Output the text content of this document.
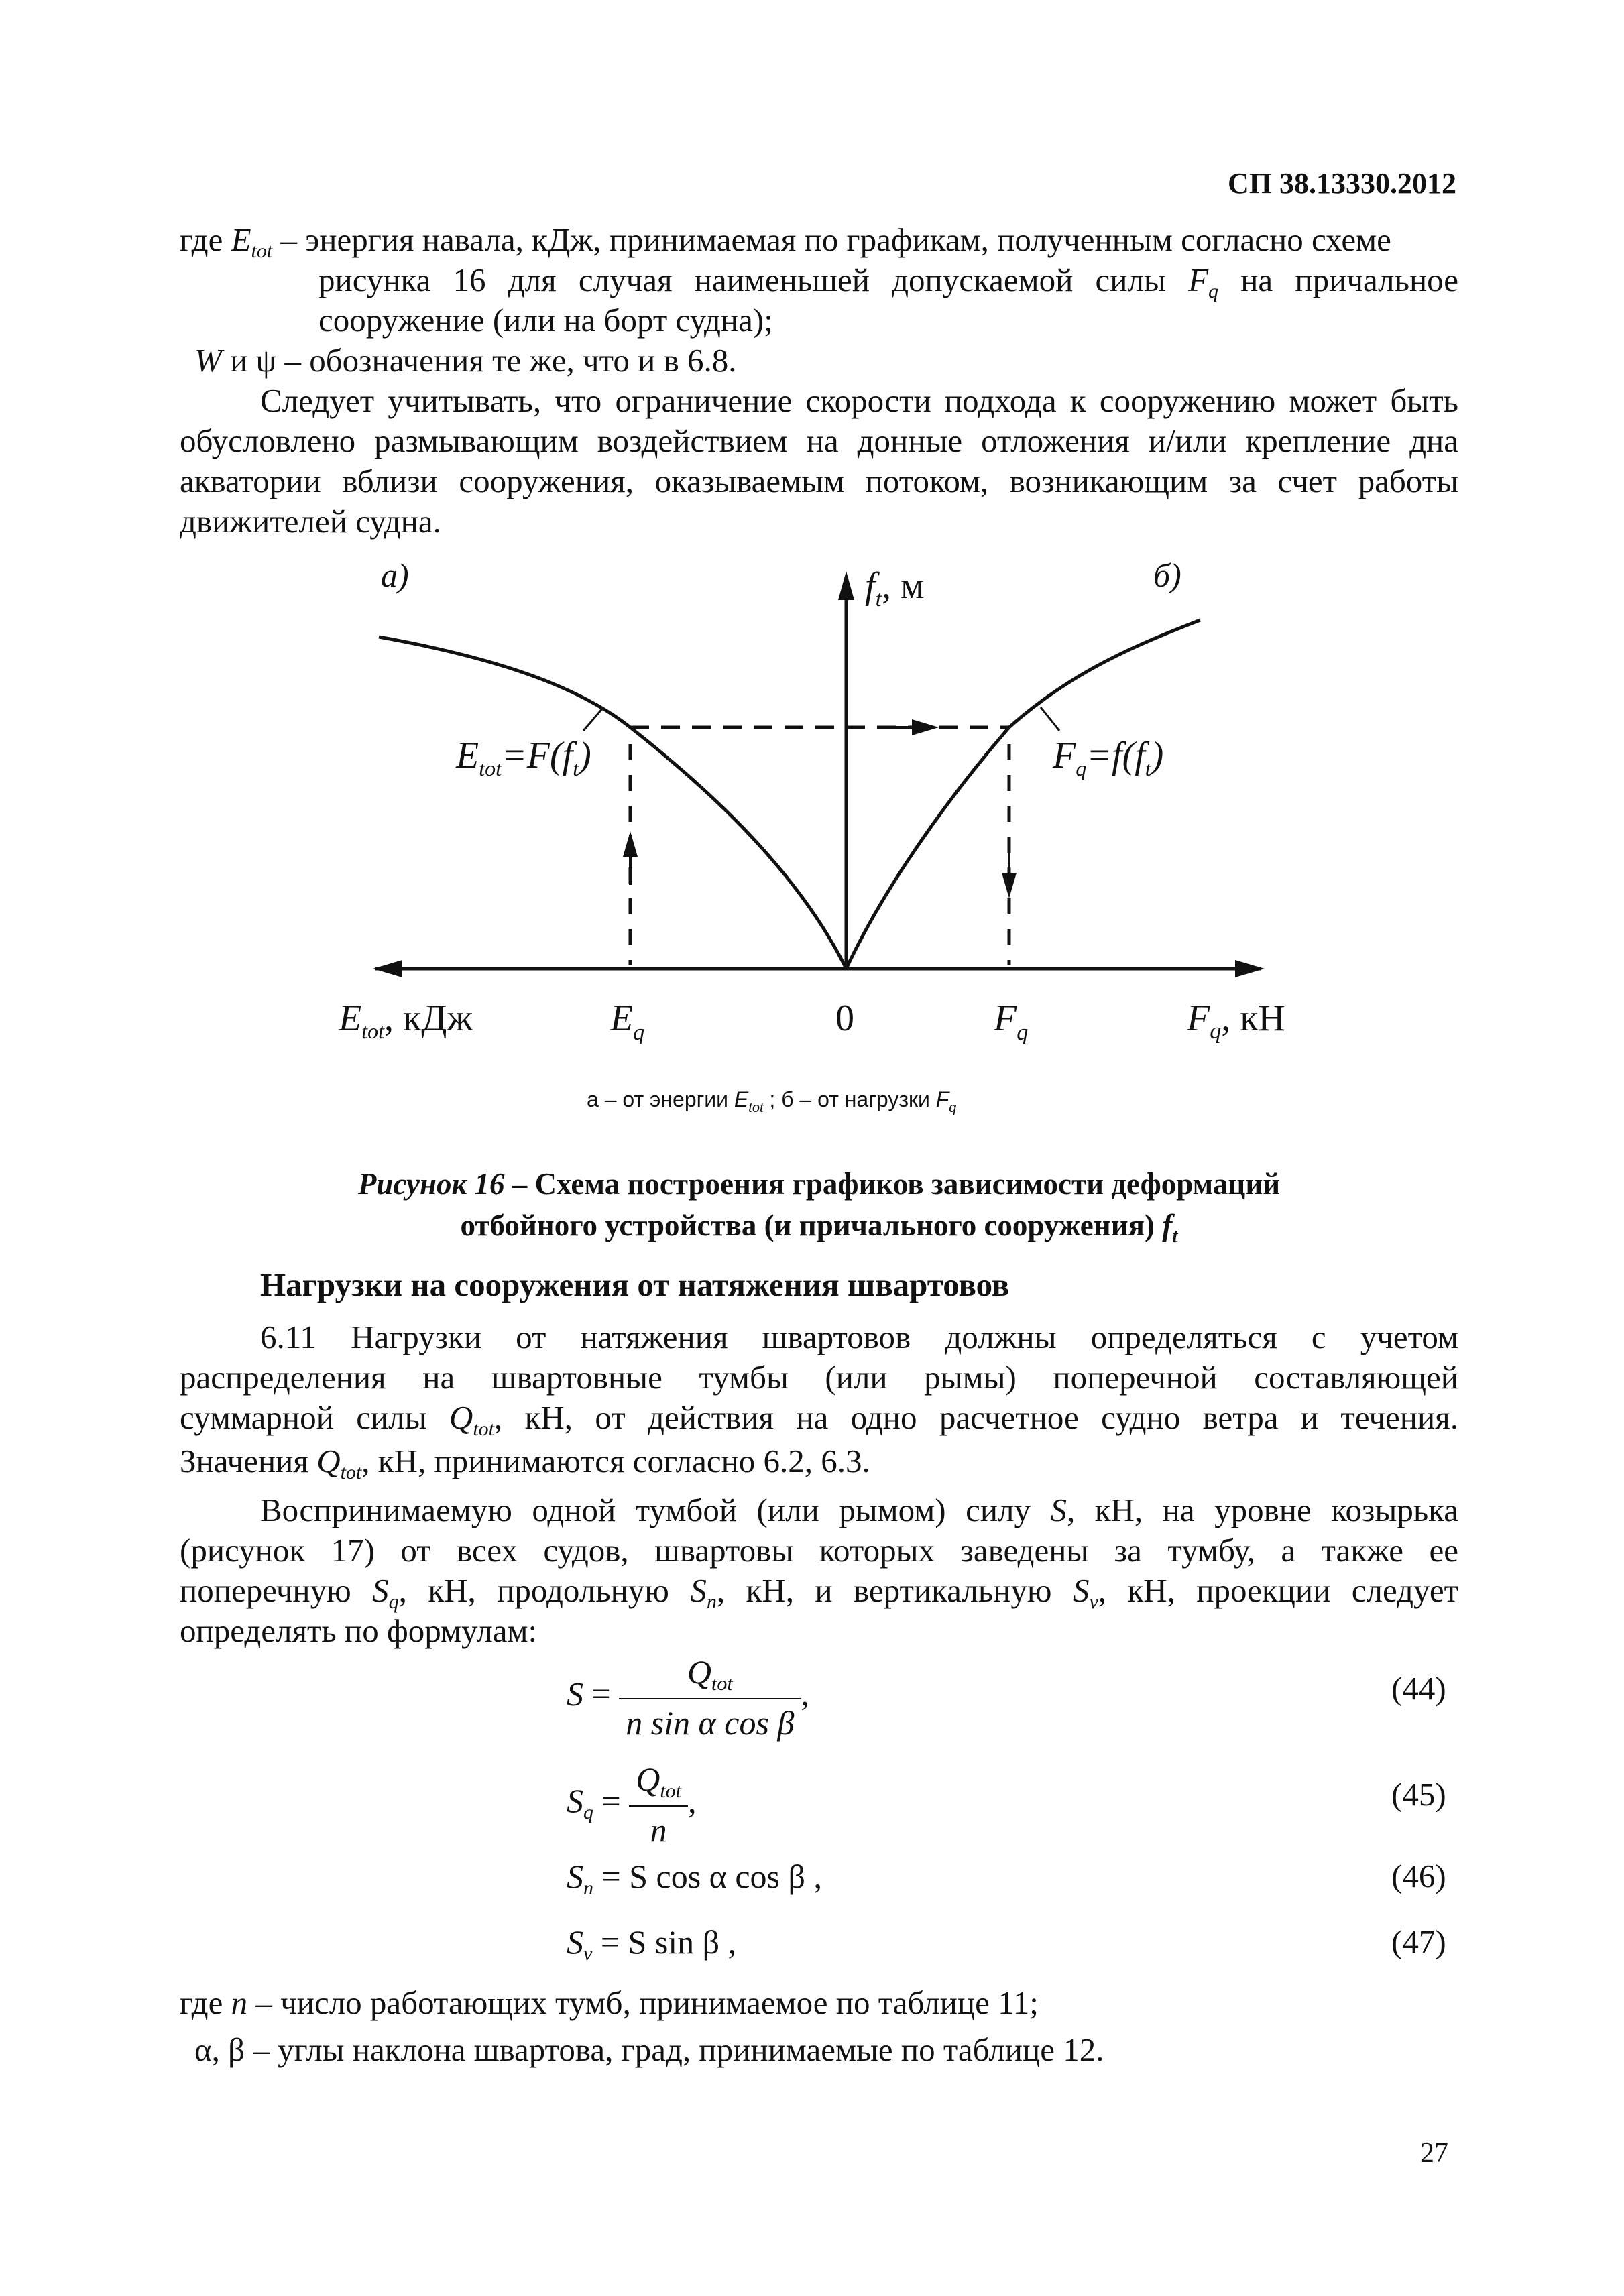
СП 38.13330.2012
где $E_{tot}$ – энергия навала, кДж, принимаемая по графикам, полученным согласно схеме
рисунка 16 для случая наименьшей допускаемой силы $F_q$ на причальное
сооружение (или на борт судна);
W и ψ – обозначения те же, что и в 6.8.
Следует учитывать, что ограничение скорости подхода к сооружению может быть
обусловлено размывающим воздействием на донные отложения и/или крепление дна
акватории вблизи сооружения, оказываемым потоком, возникающим за счет работы
движителей судна.
а)	б)
$f_t$, м
$E_{tot}=F(f_t)$	$F_q=f(f_t)$
$E_{tot}$, кДж	$E_q$	0	$F_q$	$F_q$, кН
а – от энергии $E_{tot}$ ; б – от нагрузки $F_q$
Рисунок 16 – Схема построения графиков зависимости деформаций
отбойного устройства (и причального сооружения) $f_t$
Нагрузки на сооружения от натяжения швартовов
6.11 Нагрузки от натяжения швартовов должны определяться с учетом
распределения на швартовные тумбы (или рымы) поперечной составляющей
суммарной силы $Q_{tot}$, кН, от действия на одно расчетное судно ветра и течения.
Значения $Q_{tot}$, кН, принимаются согласно 6.2, 6.3.
Воспринимаемую одной тумбой (или рымом) силу S, кН, на уровне козырька
(рисунок 17) от всех судов, швартовы которых заведены за тумбу, а также ее
поперечную $S_q$, кН, продольную $S_n$, кН, и вертикальную $S_v$, кН, проекции следует
определять по формулам:
$S = \frac{Q_{tot}}{\text{n sin α cos β}}$ ,	(44)
$S_q = \frac{Q_{tot}}{n}$ ,	(45)
$S_n = S$ cos α cos β ,	(46)
$S_v = S$ sin β ,	(47)
где n – число работающих тумб, принимаемое по таблице 11;
α, β – углы наклона швартова, град, принимаемые по таблице 12.
27
